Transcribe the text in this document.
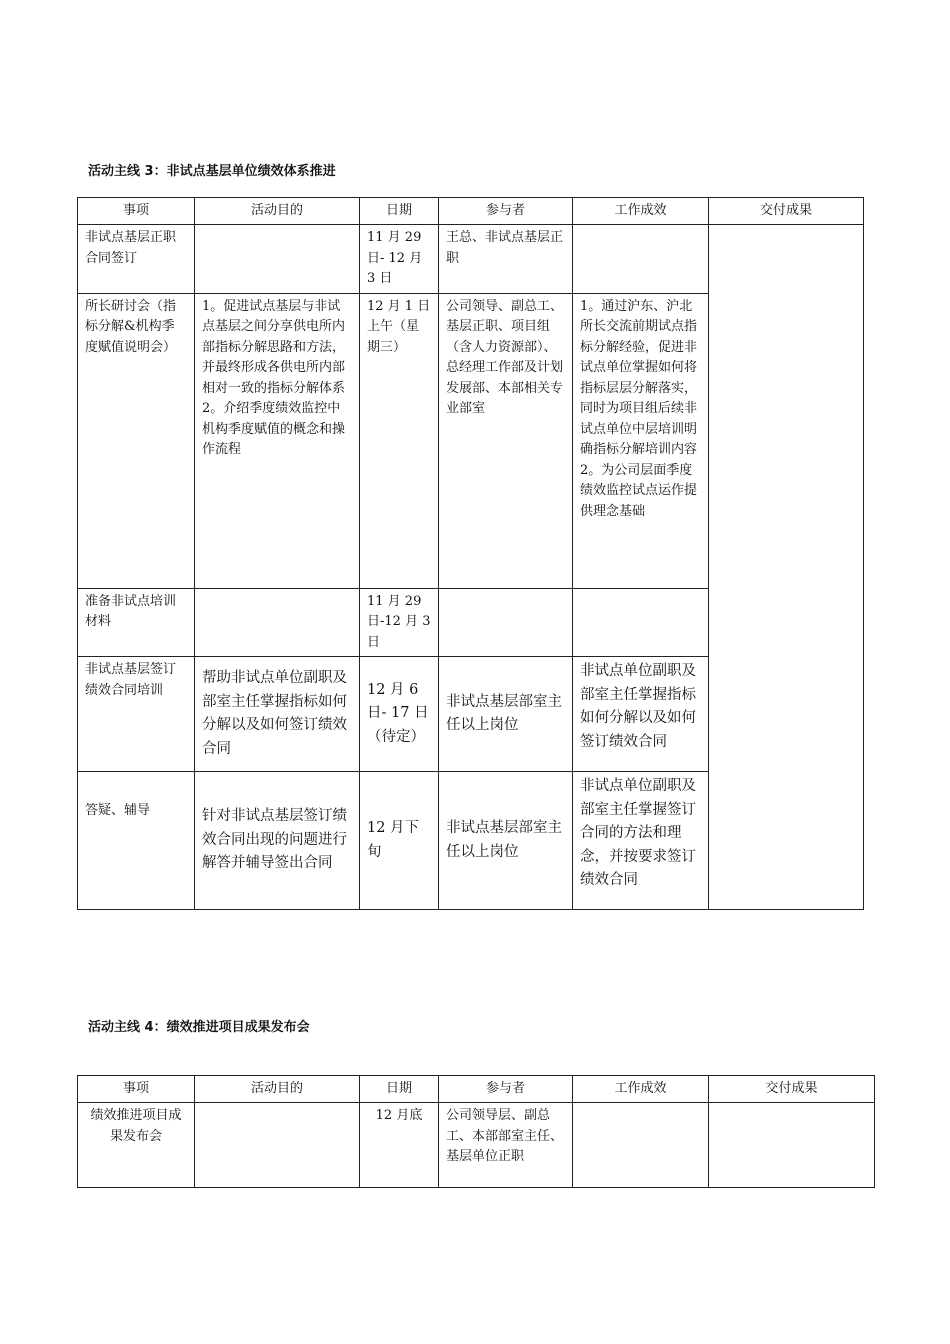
活动主线 3：非试点基层单位绩效体系推进
事项	活动目的	日期	参与者	工作成效	交付成果
非试点基层正职合同签订		11 月 29 日- 12 月 3 日	王总、非试点基层正职		
所长研讨会（指标分解&机构季度赋值说明会）	1。促进试点基层与非试点基层之间分享供电所内部指标分解思路和方法，并最终形成各供电所内部相对一致的指标分解体系 2。介绍季度绩效监控中机构季度赋值的概念和操作流程	12 月 1 日上午（星期三）	公司领导、副总工、基层正职、项目组（含人力资源部）、总经理工作部及计划发展部、本部相关专业部室	1。通过沪东、沪北所长交流前期试点指标分解经验，促进非试点单位掌握如何将指标层层分解落实，同时为项目组后续非试点单位中层培训明确指标分解培训内容 2。为公司层面季度绩效监控试点运作提供理念基础	
准备非试点培训材料		11 月 29 日-12 月 3 日			
非试点基层签订绩效合同培训	帮助非试点单位副职及部室主任掌握指标如何分解以及如何签订绩效合同	12 月 6 日- 17 日（待定）	非试点基层部室主任以上岗位	非试点单位副职及部室主任掌握指标如何分解以及如何签订绩效合同	
答疑、辅导	针对非试点基层签订绩效合同出现的问题进行解答并辅导签出合同	12 月下旬	非试点基层部室主任以上岗位	非试点单位副职及部室主任掌握签订合同的方法和理念，并按要求签订绩效合同	
活动主线 4：绩效推进项目成果发布会
事项	活动目的	日期	参与者	工作成效	交付成果
绩效推进项目成果发布会		12 月底	公司领导层、副总工、本部部室主任、基层单位正职		
